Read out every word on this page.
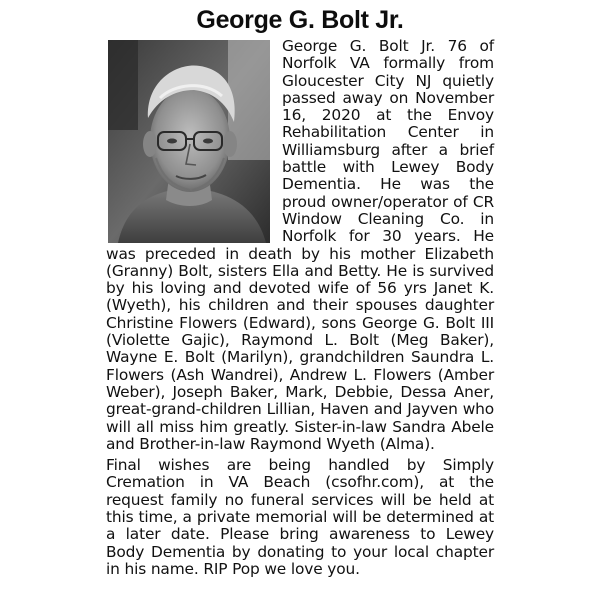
George G. Bolt Jr.

George G. Bolt Jr. 76 of Norfolk VA formally from Gloucester City NJ quietly passed away on November 16, 2020 at the Envoy Rehabilitation Center in Williamsburg after a brief battle with Lewey Body Dementia. He was the proud owner/operator of CR Window Cleaning Co. in Norfolk for 30 years. He was preceded in death by his mother Elizabeth (Granny) Bolt, sisters Ella and Betty. He is survived by his loving and devoted wife of 56 yrs Janet K. (Wyeth), his children and their spouses daughter Christine Flowers (Edward), sons George G. Bolt III (Violette Gajic), Raymond L. Bolt (Meg Baker), Wayne E. Bolt (Marilyn), grandchildren Saundra L. Flowers (Ash Wandrei), Andrew L. Flowers (Amber Weber), Joseph Baker, Mark, Debbie, Dessa Aner, great-grand-children Lillian, Haven and Jayven who will all miss him greatly. Sister-in-law Sandra Abele and Brother-in-law Raymond Wyeth (Alma).

Final wishes are being handled by Simply Cremation in VA Beach (csofhr.com), at the request family no funeral services will be held at this time, a private memorial will be determined at a later date. Please bring awareness to Lewey Body Dementia by donating to your local chapter in his name. RIP Pop we love you.
